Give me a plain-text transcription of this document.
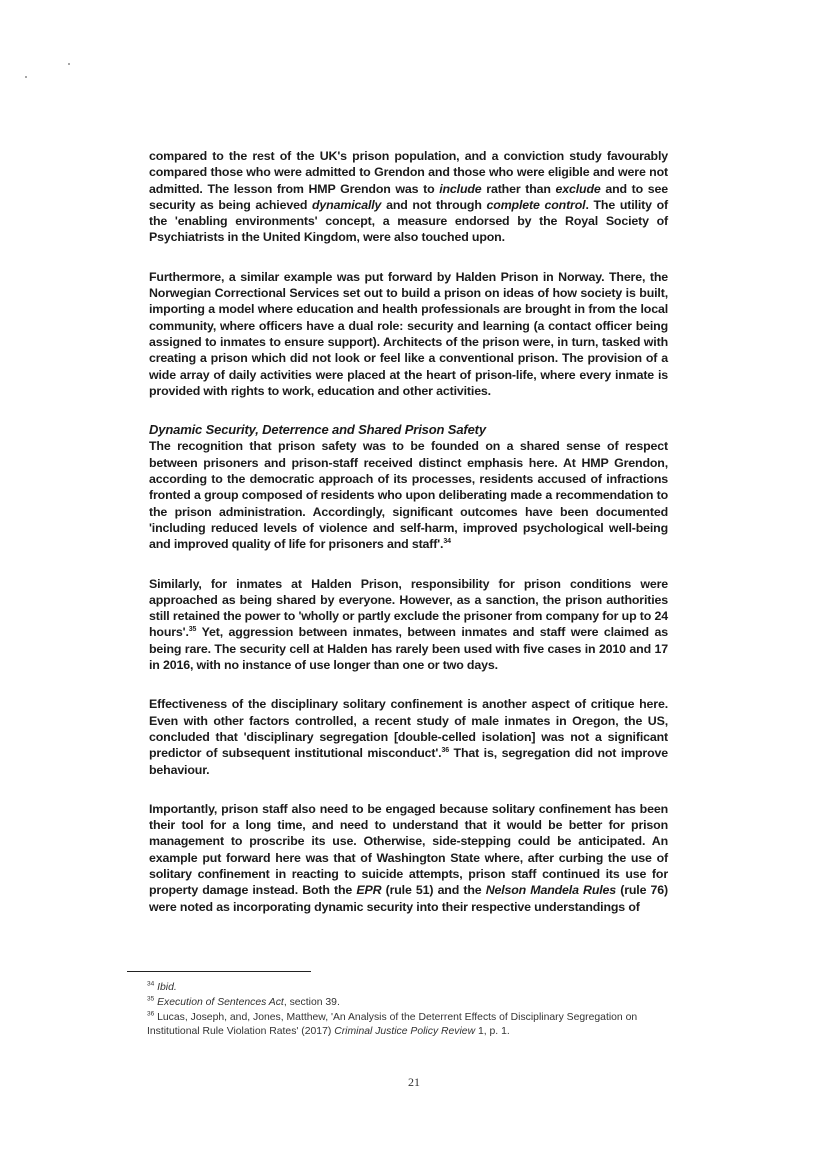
compared to the rest of the UK's prison population, and a conviction study favourably compared those who were admitted to Grendon and those who were eligible and were not admitted. The lesson from HMP Grendon was to include rather than exclude and to see security as being achieved dynamically and not through complete control. The utility of the 'enabling environments' concept, a measure endorsed by the Royal Society of Psychiatrists in the United Kingdom, were also touched upon.

Furthermore, a similar example was put forward by Halden Prison in Norway. There, the Norwegian Correctional Services set out to build a prison on ideas of how society is built, importing a model where education and health professionals are brought in from the local community, where officers have a dual role: security and learning (a contact officer being assigned to inmates to ensure support). Architects of the prison were, in turn, tasked with creating a prison which did not look or feel like a conventional prison. The provision of a wide array of daily activities were placed at the heart of prison-life, where every inmate is provided with rights to work, education and other activities.

Dynamic Security, Deterrence and Shared Prison Safety

The recognition that prison safety was to be founded on a shared sense of respect between prisoners and prison-staff received distinct emphasis here. At HMP Grendon, according to the democratic approach of its processes, residents accused of infractions fronted a group composed of residents who upon deliberating made a recommendation to the prison administration. Accordingly, significant outcomes have been documented 'including reduced levels of violence and self-harm, improved psychological well-being and improved quality of life for prisoners and staff'.$^{34}$

Similarly, for inmates at Halden Prison, responsibility for prison conditions were approached as being shared by everyone. However, as a sanction, the prison authorities still retained the power to 'wholly or partly exclude the prisoner from company for up to 24 hours'.$^{35}$ Yet, aggression between inmates, between inmates and staff were claimed as being rare. The security cell at Halden has rarely been used with five cases in 2010 and 17 in 2016, with no instance of use longer than one or two days.

Effectiveness of the disciplinary solitary confinement is another aspect of critique here. Even with other factors controlled, a recent study of male inmates in Oregon, the US, concluded that 'disciplinary segregation [double-celled isolation] was not a significant predictor of subsequent institutional misconduct'.$^{36}$ That is, segregation did not improve behaviour.

Importantly, prison staff also need to be engaged because solitary confinement has been their tool for a long time, and need to understand that it would be better for prison management to proscribe its use. Otherwise, side-stepping could be anticipated. An example put forward here was that of Washington State where, after curbing the use of solitary confinement in reacting to suicide attempts, prison staff continued its use for property damage instead. Both the EPR (rule 51) and the Nelson Mandela Rules (rule 76) were noted as incorporating dynamic security into their respective understandings of

$^{34}$ Ibid.

$^{35}$ Execution of Sentences Act, section 39.

$^{36}$ Lucas, Joseph, and, Jones, Matthew, 'An Analysis of the Deterrent Effects of Disciplinary Segregation on Institutional Rule Violation Rates' (2017) Criminal Justice Policy Review 1, p. 1.

21
